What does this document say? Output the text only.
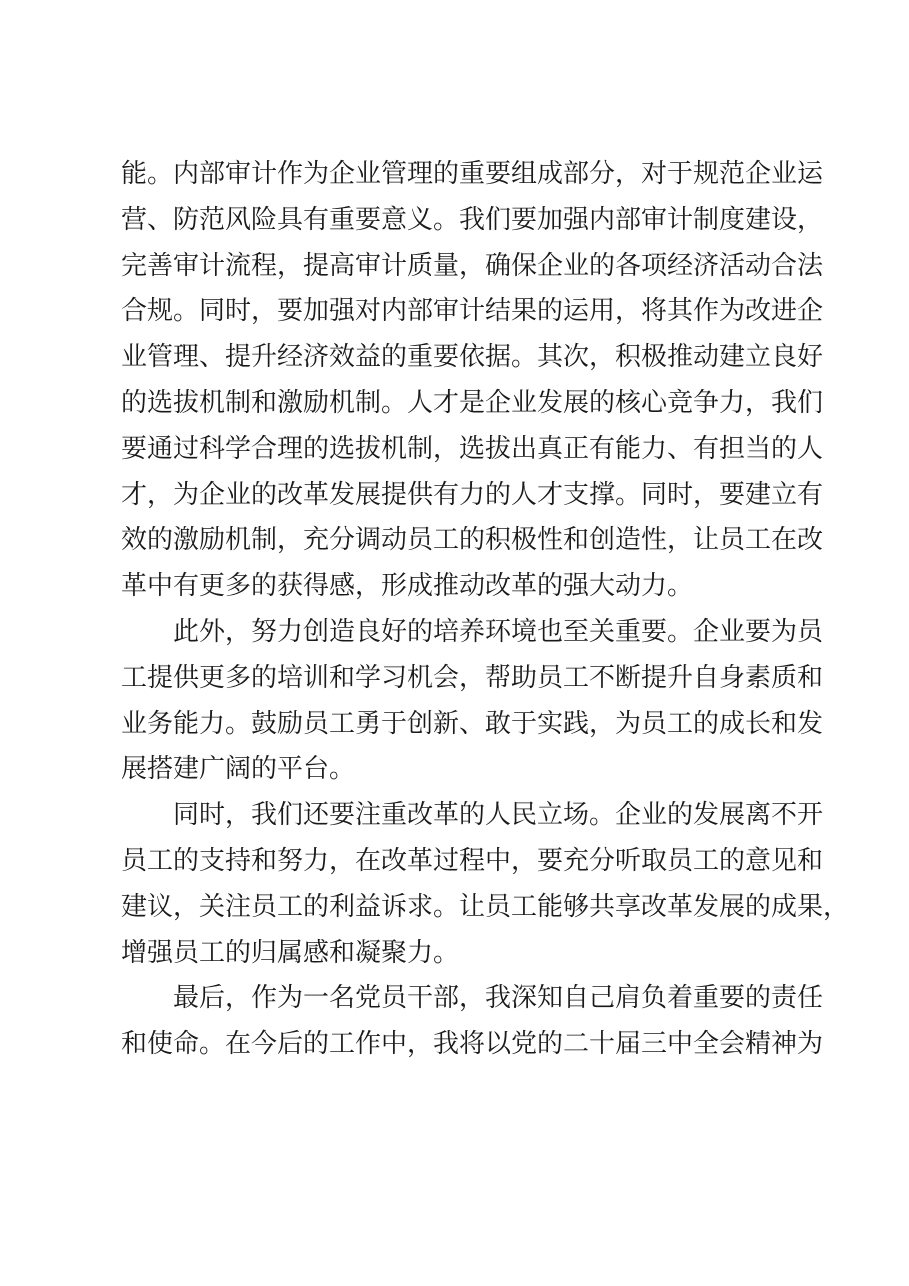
能。内部审计作为企业管理的重要组成部分，对于规范企业运
营、防范风险具有重要意义。我们要加强内部审计制度建设，
完善审计流程，提高审计质量，确保企业的各项经济活动合法
合规。同时，要加强对内部审计结果的运用，将其作为改进企
业管理、提升经济效益的重要依据。其次，积极推动建立良好
的选拔机制和激励机制。人才是企业发展的核心竞争力，我们
要通过科学合理的选拔机制，选拔出真正有能力、有担当的人
才，为企业的改革发展提供有力的人才支撑。同时，要建立有
效的激励机制，充分调动员工的积极性和创造性，让员工在改
革中有更多的获得感，形成推动改革的强大动力。
此外，努力创造良好的培养环境也至关重要。企业要为员
工提供更多的培训和学习机会，帮助员工不断提升自身素质和
业务能力。鼓励员工勇于创新、敢于实践，为员工的成长和发
展搭建广阔的平台。
同时，我们还要注重改革的人民立场。企业的发展离不开
员工的支持和努力，在改革过程中，要充分听取员工的意见和
建议，关注员工的利益诉求。让员工能够共享改革发展的成果，
增强员工的归属感和凝聚力。
最后，作为一名党员干部，我深知自己肩负着重要的责任
和使命。在今后的工作中，我将以党的二十届三中全会精神为
